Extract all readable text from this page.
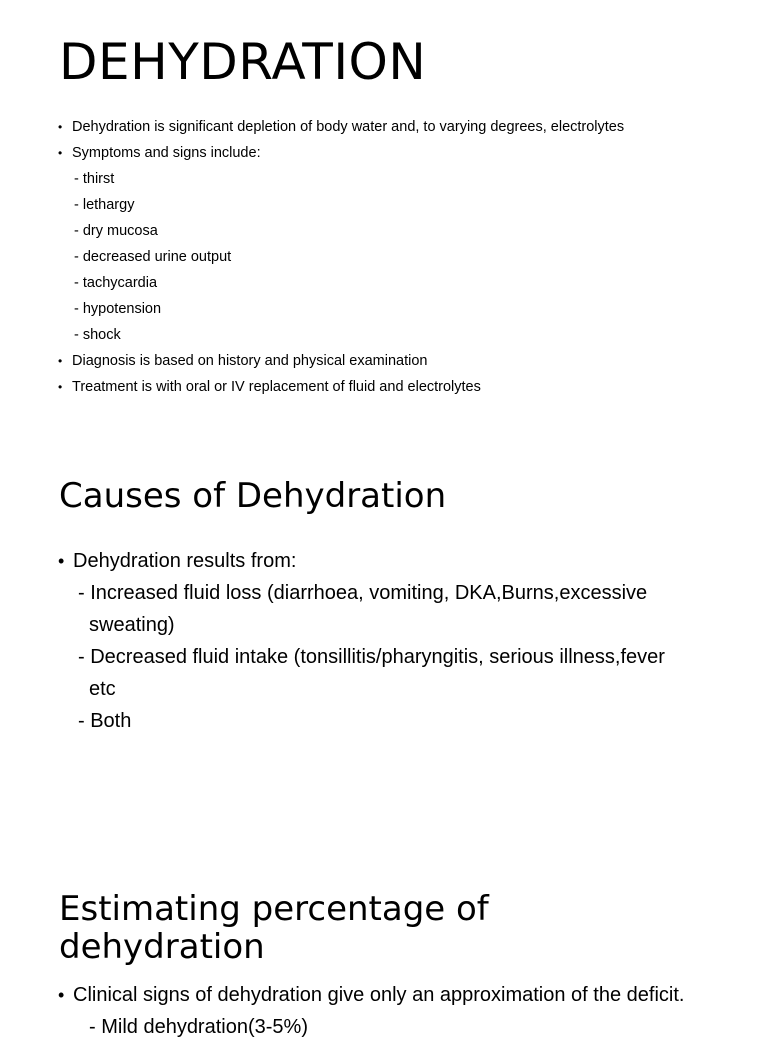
DEHYDRATION
• Dehydration is significant depletion of body water and, to varying degrees, electrolytes
• Symptoms and signs include:
- thirst
- lethargy
- dry mucosa
- decreased urine output
- tachycardia
- hypotension
- shock
• Diagnosis is based on history and physical examination
• Treatment is with oral or IV replacement of fluid and electrolytes
Causes of Dehydration
• Dehydration results from:
- Increased fluid loss (diarrhoea, vomiting, DKA,Burns,excessive
sweating)
- Decreased fluid intake (tonsillitis/pharyngitis, serious illness,fever
etc
- Both
Estimating percentage of dehydration
• Clinical signs of dehydration give only an approximation of the deficit.
- Mild dehydration(3-5%)
